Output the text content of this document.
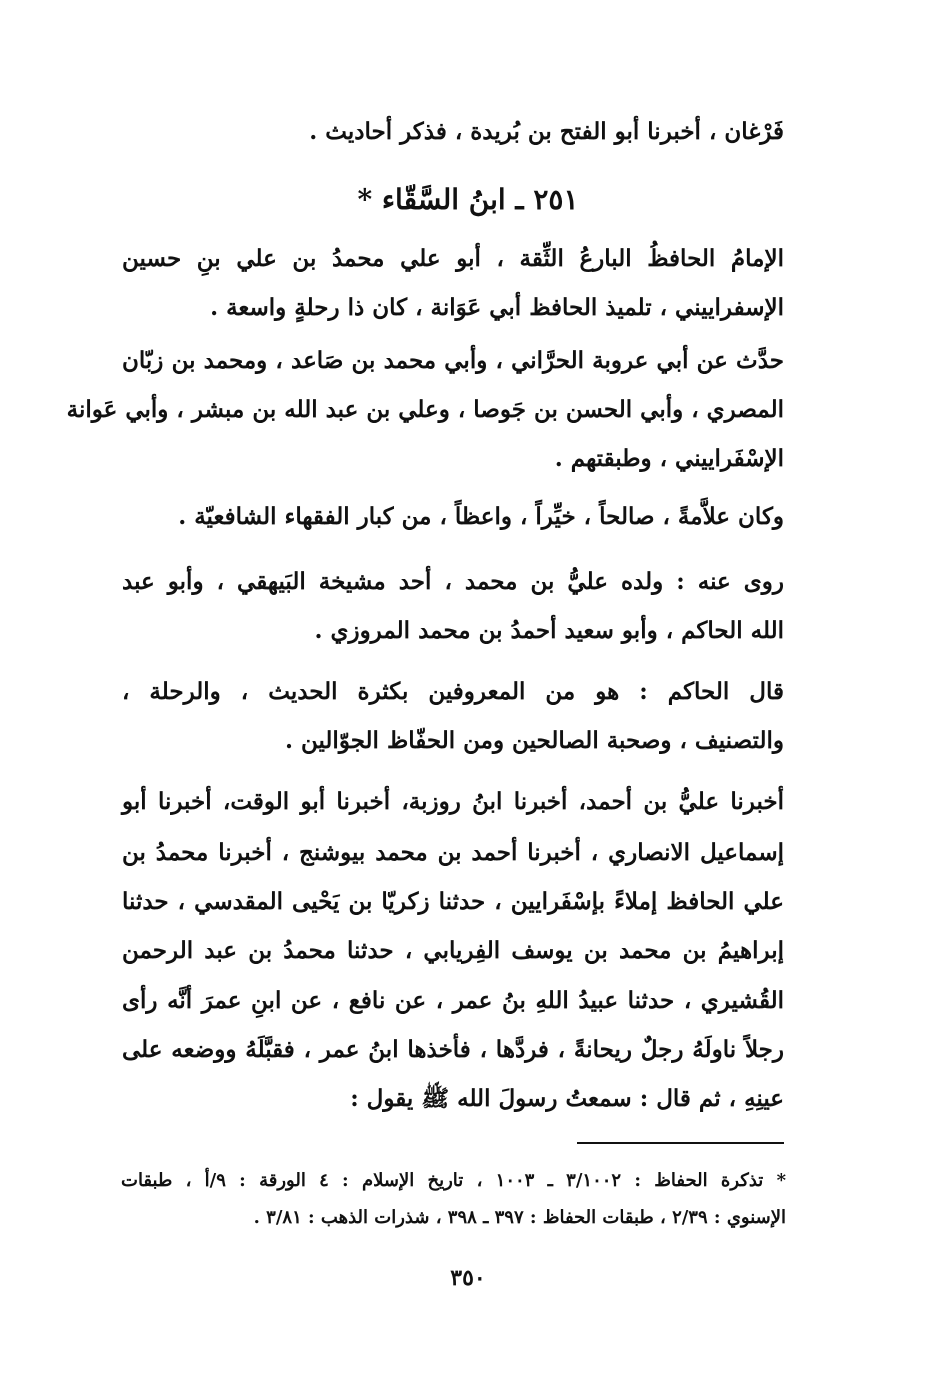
فَرْغان ، أخبرنا أبو الفتح بن بُريدة ، فذكر أحاديث .
٢٥١ ـ ابنُ السَّقّاء *
الإمامُ الحافظُ البارعُ الثِّقة ، أبو علي محمدُ بن علي بنِ حسين
الإسفراييني ، تلميذ الحافظ أبي عَوَانة ، كان ذا رحلةٍ واسعة .
حدَّث عن أبي عروبة الحرَّاني ، وأبي محمد بن صَاعد ، ومحمد بن زبّان
المصري ، وأبي الحسن بن جَوصا ، وعلي بن عبد الله بن مبشر ، وأبي عَوانة
الإسْفَراييني ، وطبقتهم .
وكان علاَّمةً ، صالحاً ، خيِّراً ، واعظاً ، من كبار الفقهاء الشافعيّة .
روى عنه : ولده عليُّ بن محمد ، أحد مشيخة البَيهقي ، وأبو عبد
الله الحاكم ، وأبو سعيد أحمدُ بن محمد المروزي .
قال الحاكم : هو من المعروفين بكثرة الحديث ، والرحلة ،
والتصنيف ، وصحبة الصالحين ومن الحفّاظ الجوّالين .
أخبرنا عليُّ بن أحمد، أخبرنا ابنُ روزبة، أخبرنا أبو الوقت، أخبرنا أبو
إسماعيل الانصاري ، أخبرنا أحمد بن محمد بيوشنج ، أخبرنا محمدُ بن
علي الحافظ إملاءً بإسْفَرايين ، حدثنا زكريّا بن يَحْيى المقدسي ، حدثنا
إبراهيمُ بن محمد بن يوسف الفِريابي ، حدثنا محمدُ بن عبد الرحمن
القُشيري ، حدثنا عبيدُ اللهِ بنُ عمر ، عن نافع ، عن ابنِ عمرَ أنَّه رأى
رجلاً ناولَهُ رجلٌ ريحانةً ، فردَّها ، فأخذها ابنُ عمر ، فقبَّلَهُ ووضعه على
عينِهِ ، ثم قال : سمعتُ رسولَ الله ﷺ يقول :
* تذكرة الحفاظ : ٣/١٠٠٢ ـ ١٠٠٣ ، تاريخ الإسلام : ٤ الورقة : ٩/أ ، طبقات
الإسنوي : ٢/٣٩ ، طبقات الحفاظ : ٣٩٧ ـ ٣٩٨ ، شذرات الذهب : ٣/٨١ .
٣٥٠
